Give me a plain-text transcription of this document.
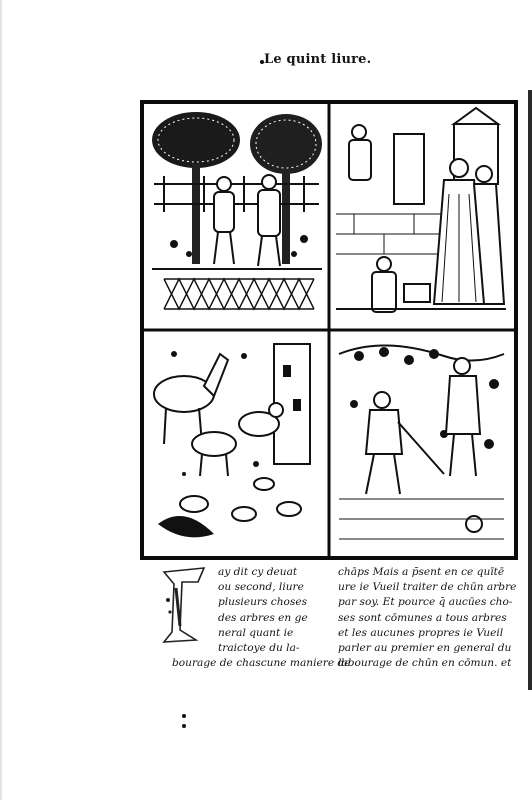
Le quint liure.
ay dit cy deuat
ou second, liure
plusieurs choses
des arbres en ge
neral quant ie
traictoye du la-
bourage de chascune maniere de
chāps Mais a p̄sent en ce quītē
ure ie Vueil traiter de chūn arbre
par soy. Et pource q̄ aucūes cho-
ses sont cōmunes a tous arbres
et les aucunes propres ie Vueil
parler au premier en general du
labourage de chūn en cōmun. et
